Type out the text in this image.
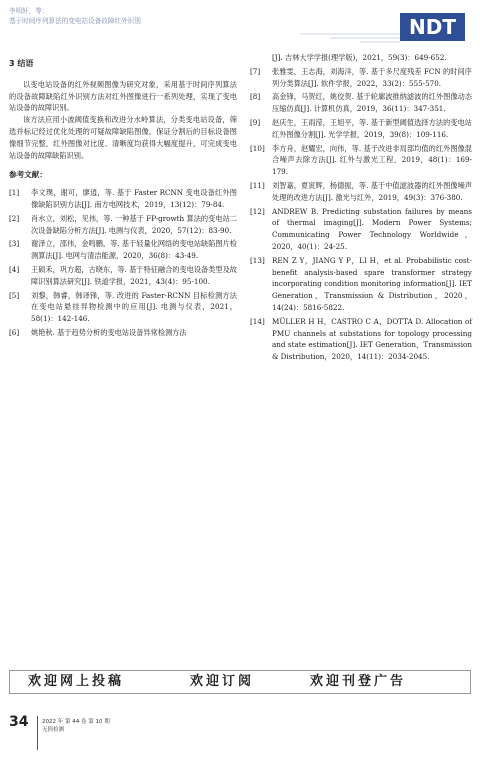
李明轩，等：
基于时间序列算法的变电站设备故障红外识别	NDT
3 结语

以变电站设备的红外视频图像为研究对象，采用基于时间序列算法的设备故障缺陷红外识别方法对红外图像进行一系列处理，实现了变电站设备的故障识别。

该方法应用小波阈值变换和改进分水岭算法，分类变电站设备，筛选并标记经过优化处理的可疑故障缺陷图像，保证分割后的目标设备图像细节完整，红外图像对比度、清晰度均获得大幅度提升，可完成变电站设备的故障缺陷识别。

参考文献：
[1] 李文璞，谢可，廖逍，等. 基于 Faster RCNN 变电设备红外图像缺陷识别方法[J]. 南方电网技术，2019，13(12)：79-84.
[2] 肖水立，刘松，见伟，等. 一种基于 FP-growth 算法的变电站二次设备缺陷分析方法[J]. 电测与仪表，2020，57(12)：83-90.
[3] 谢泽立，邵伟，金鸣鹏，等. 基于轻量化网络的变电站缺陷图片检测算法[J]. 电网与清洁能源，2020，36(8)：43-49.
[4] 王硕禾，巩方超，古晓东，等. 基于特征融合的变电设备类型及故障识别算法研究[J]. 铁道学报，2021，43(4)：95-100.
[5] 刘黎，韩睿，韩译锋，等. 改进的 Faster-RCNN 目标检测方法在变电站悬挂异物检测中的应用[J]. 电测与仪表，2021，58(1)：142-146.
[6] 姚艳秋. 基于趋势分析的变电站设备异常检测方法
[J]. 吉林大学学报(理学版)，2021，59(3)：649-652.
[7] 张雅雯，王志海，刘海洋，等. 基于多尺度残差 FCN 的时间序列分类算法[J]. 软件学报，2022，33(2)：555-570.
[8] 高金锋，马贺红，姚佼贺. 基于轮廓波推纳滤波的红外图像动态压缩仿真[J]. 计算机仿真，2019，36(11)：347-351.
[9] 赵庆生，王雨滢，王旭平，等. 基于新型阈值选择方法的变电站红外图像分割[J]. 光学学报，2019，39(8)：109-116.
[10] 李方舟，赵耀宏，向伟，等. 基于改进非局部均值的红外图像混合噪声去除方法[J]. 红外与激光工程，2019，48(1)：169-179.
[11] 刘智嘉，夏寅辉，杨德振，等. 基于中值滤波器的红外图像噪声处理的改进方法[J]. 激光与红外，2019，49(3)：376-380.
[12] ANDREW B. Predicting substation failures by means of thermal imaging[J]. Modern Power Systems; Communicating Power Technology Worldwide，2020，40(1)：24-25.
[13] REN Z Y，JIANG Y P，LI H，et al. Probabilistic cost-benefit analysis-based spare transformer strategy incorporating condition monitoring information[J]. IET Generation，Transmission & Distribution，2020，14(24)：5816-5822.
[14] MÜLLER H H，CASTRO C A，DOTTA D. Allocation of PMU channels at substations for topology processing and state estimation[J]. IET Generation，Transmission & Distribution，2020，14(11)：2034-2045.
欢迎网上投稿	欢迎订阅	欢迎刊登广告
34 2022 年 第 44 卷 第 10 期
无损检测
